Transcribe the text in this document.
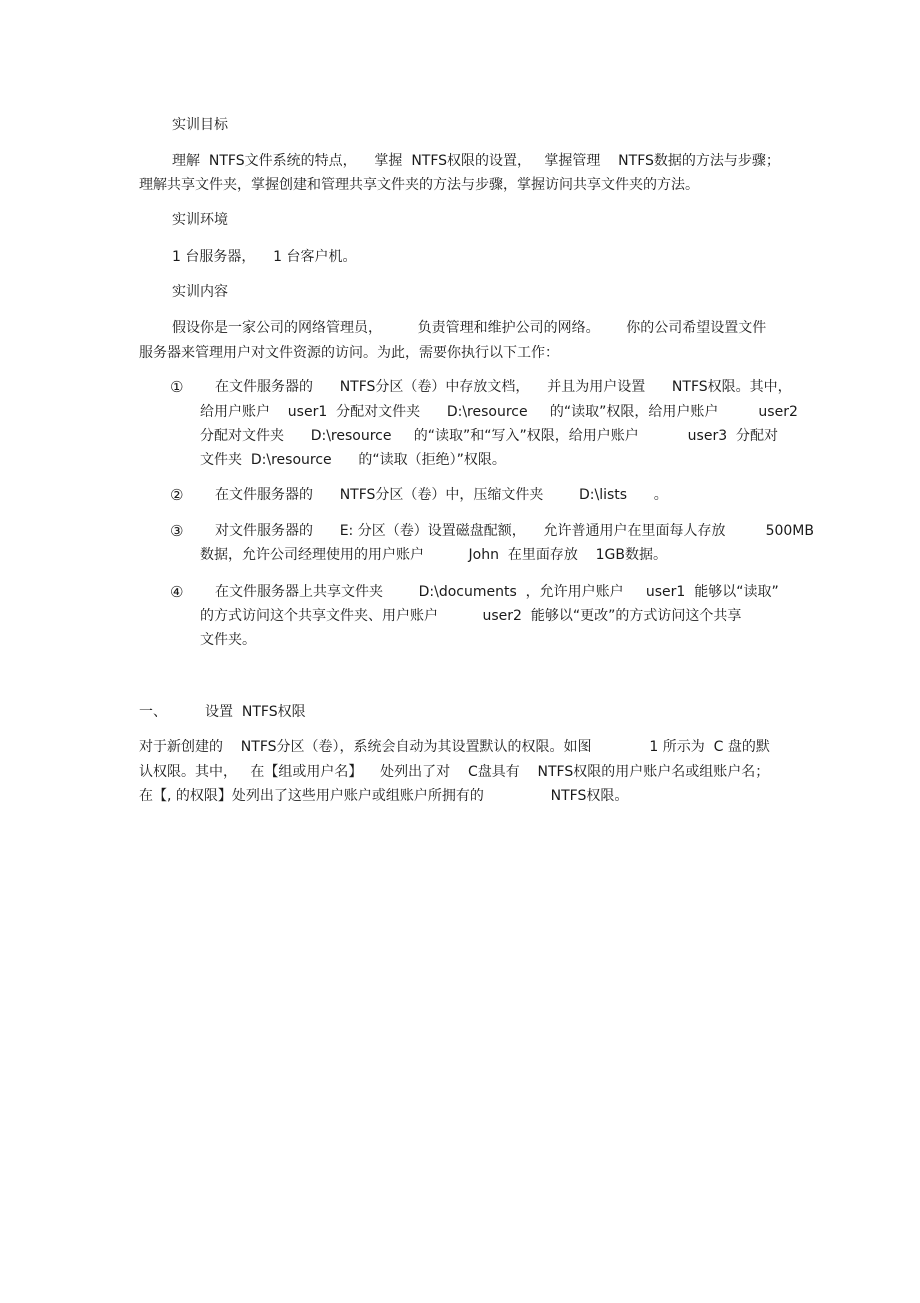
实训目标
理解  NTFS文件系统的特点，    掌握  NTFS权限的设置，   掌握管理    NTFS数据的方法与步骤；
理解共享文件夹，掌握创建和管理共享文件夹的方法与步骤，掌握访问共享文件夹的方法。
实训环境
1 台服务器，    1 台客户机。
实训内容
假设你是一家公司的网络管理员，        负责管理和维护公司的网络。      你的公司希望设置文件
服务器来管理用户对文件资源的访问。为此，需要你执行以下工作：
① 在文件服务器的      NTFS分区（卷）中存放文档，    并且为用户设置      NTFS权限。其中，
给用户账户    user1  分配对文件夹      D:\resource     的“读取”权限，给用户账户         user2
分配对文件夹      D:\resource     的“读取”和“写入”权限，给用户账户           user3  分配对
文件夹  D:\resource      的“读取（拒绝）”权限。
② 在文件服务器的      NTFS分区（卷）中，压缩文件夹        D:\lists      。
③ 对文件服务器的      E: 分区（卷）设置磁盘配额，    允许普通用户在里面每人存放         500MB
数据，允许公司经理使用的用户账户          John  在里面存放    1GB数据。
④ 在文件服务器上共享文件夹        D:\documents  ，允许用户账户     user1  能够以“读取”
的方式访问这个共享文件夹、用户账户          user2  能够以“更改”的方式访问这个共享
文件夹。
一、	设置  NTFS权限
对于新创建的    NTFS分区（卷），系统会自动为其设置默认的权限。如图             1 所示为  C 盘的默
认权限。其中，   在【组或用户名】    处列出了对    C盘具有    NTFS权限的用户账户名或组账户名；
在【, 的权限】处列出了这些用户账户或组账户所拥有的               NTFS权限。
